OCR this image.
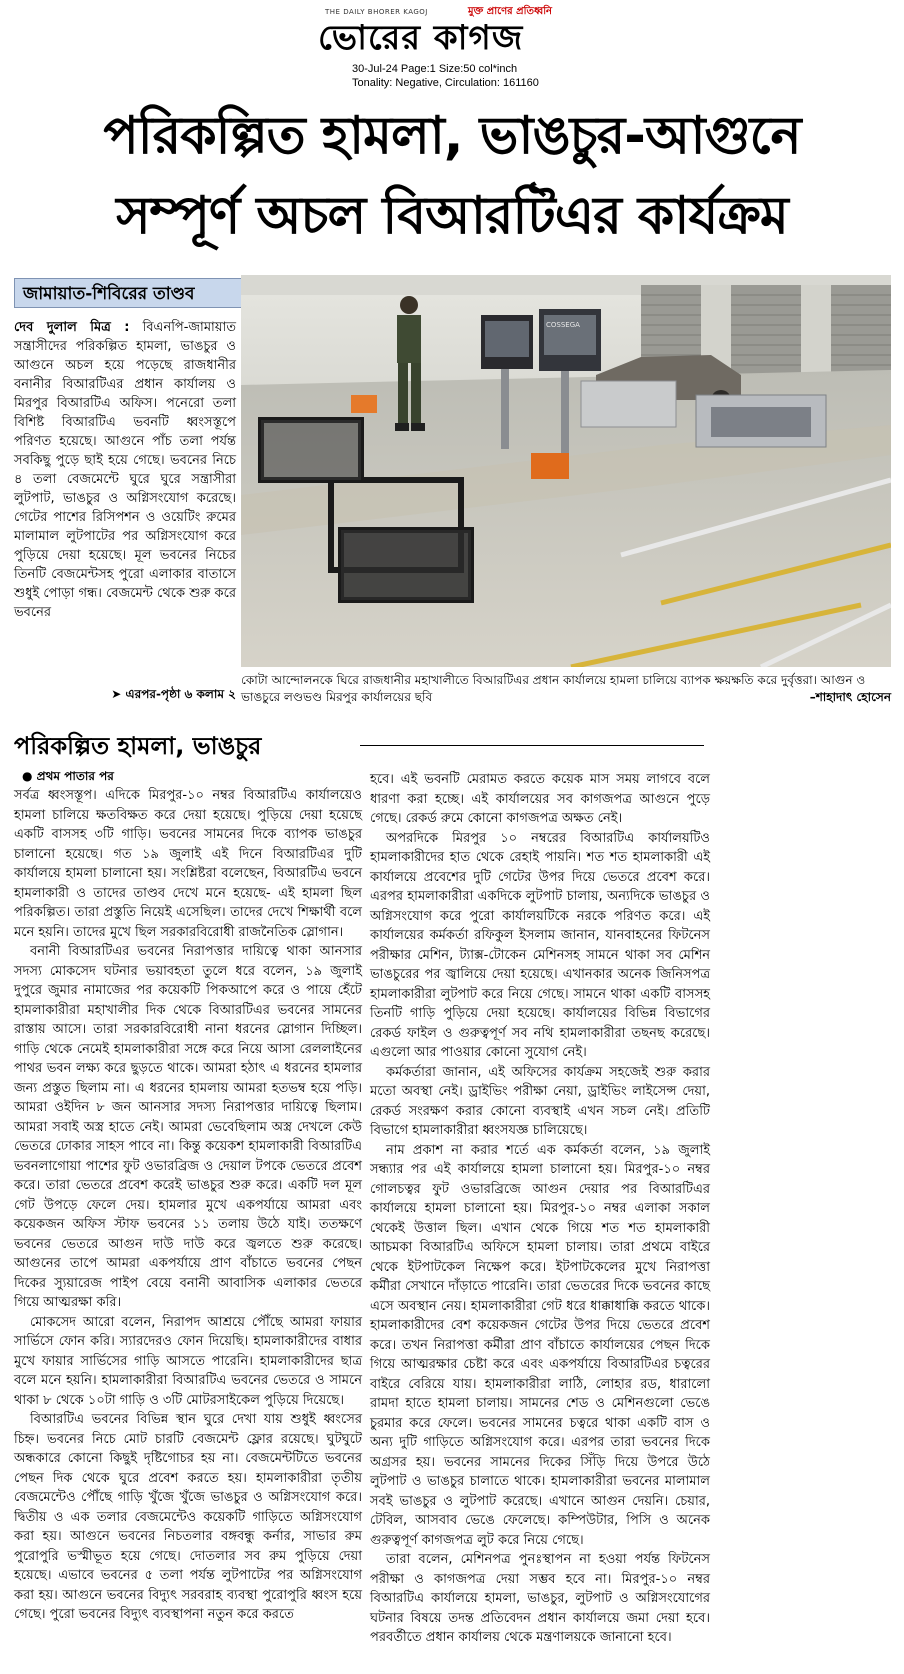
THE DAILY BHORER KAGOJ	মুক্ত প্রাণের প্রতিধ্বনি
ভোরের কাগজ
30-Jul-24 Page:1 Size:50 col*inch
Tonality: Negative, Circulation: 161160
পরিকল্পিত হামলা, ভাঙচুর-আগুনে
সম্পূর্ণ অচল বিআরটিএর কার্যক্রম
জামায়াত-শিবিরের তাণ্ডব
দেব দুলাল মিত্র : বিএনপি-জামায়াত সন্ত্রাসীদের পরিকল্পিত হামলা, ভাঙচুর ও আগুনে অচল হয়ে পড়েছে রাজধানীর বনানীর বিআরটিএর প্রধান কার্যালয় ও মিরপুর বিআরটিএ অফিস। পনেরো তলা বিশিষ্ট বিআরটিএ ভবনটি ধ্বংসস্তূপে পরিণত হয়েছে। আগুনে পাঁচ তলা পর্যন্ত সবকিছু পুড়ে ছাই হয়ে গেছে। ভবনের নিচে ৪ তলা বেজমেন্টে ঘুরে ঘুরে সন্ত্রাসীরা লুটপাট, ভাঙচুর ও অগ্নিসংযোগ করেছে। গেটের পাশের রিসিপশন ও ওয়েটিং রুমের মালামাল লুটপাটের পর অগ্নিসংযোগ করে পুড়িয়ে দেয়া হয়েছে। মূল ভবনের নিচের তিনটি বেজমেন্টসহ পুরো এলাকার বাতাসে শুধুই পোড়া গন্ধ। বেজমেন্ট থেকে শুরু করে ভবনের
➤ এরপর-পৃষ্ঠা ৬ কলাম ২
COSSEGA
কোটা আন্দোলনকে ঘিরে রাজধানীর মহাখালীতে বিআরটিএর প্রধান কার্যালয়ে হামলা চালিয়ে ব্যাপক ক্ষয়ক্ষতি করে দুর্বৃত্তরা। আগুন ও ভাঙচুরে লণ্ডভণ্ড মিরপুর কার্যালয়ের ছবি	–শাহাদাৎ হোসেন
পরিকল্পিত হামলা, ভাঙচুর
● প্রথম পাতার পর

সর্বত্র ধ্বংসস্তূপ। এদিকে মিরপুর-১০ নম্বর বিআরটিএ কার্যালয়েও হামলা চালিয়ে ক্ষতবিক্ষত করে দেয়া হয়েছে। পুড়িয়ে দেয়া হয়েছে একটি বাসসহ ৩টি গাড়ি। ভবনের সামনের দিকে ব্যাপক ভাঙচুর চালানো হয়েছে। গত ১৯ জুলাই এই দিনে বিআরটিএর দুটি কার্যালয়ে হামলা চালানো হয়। সংশ্লিষ্টরা বলেছেন, বিআরটিএ ভবনে হামলাকারী ও তাদের তাণ্ডব দেখে মনে হয়েছে- এই হামলা ছিল পরিকল্পিত। তারা প্রস্তুতি নিয়েই এসেছিল। তাদের দেখে শিক্ষার্থী বলে মনে হয়নি। তাদের মুখে ছিল সরকারবিরোধী রাজনৈতিক স্লোগান।

বনানী বিআরটিএর ভবনের নিরাপত্তার দায়িত্বে থাকা আনসার সদস্য মোকসেদ ঘটনার ভয়াবহতা তুলে ধরে বলেন, ১৯ জুলাই দুপুরে জুমার নামাজের পর কয়েকটি পিকআপে করে ও পায়ে হেঁটে হামলাকারীরা মহাখালীর দিক থেকে বিআরটিএর ভবনের সামনের রাস্তায় আসে। তারা সরকারবিরোধী নানা ধরনের স্লোগান দিচ্ছিল। গাড়ি থেকে নেমেই হামলাকারীরা সঙ্গে করে নিয়ে আসা রেললাইনের পাথর ভবন লক্ষ্য করে ছুড়তে থাকে। আমরা হঠাৎ এ ধরনের হামলার জন্য প্রস্তুত ছিলাম না। এ ধরনের হামলায় আমরা হতভম্ব হয়ে পড়ি। আমরা ওইদিন ৮ জন আনসার সদস্য নিরাপত্তার দায়িত্বে ছিলাম। আমরা সবাই অস্ত্র হাতে নেই। আমরা ভেবেছিলাম অস্ত্র দেখলে কেউ ভেতরে ঢোকার সাহস পাবে না। কিন্তু কয়েকশ হামলাকারী বিআরটিএ ভবনলাগোয়া পাশের ফুট ওভারব্রিজ ও দেয়াল টপকে ভেতরে প্রবেশ করে। তারা ভেতরে প্রবেশ করেই ভাঙচুর শুরু করে। একটি দল মূল গেট উপড়ে ফেলে দেয়। হামলার মুখে একপর্যায়ে আমরা এবং কয়েকজন অফিস স্টাফ ভবনের ১১ তলায় উঠে যাই। ততক্ষণে ভবনের ভেতরে আগুন দাউ দাউ করে জ্বলতে শুরু করেছে। আগুনের তাপে আমরা একপর্যায়ে প্রাণ বাঁচাতে ভবনের পেছন দিকের স্যুয়ারেজ পাইপ বেয়ে বনানী আবাসিক এলাকার ভেতরে গিয়ে আত্মরক্ষা করি।

মোকসেদ আরো বলেন, নিরাপদ আশ্রয়ে পৌঁছে আমরা ফায়ার সার্ভিসে ফোন করি। স্যারদেরও ফোন দিয়েছি। হামলাকারীদের বাধার মুখে ফায়ার সার্ভিসের গাড়ি আসতে পারেনি। হামলাকারীদের ছাত্র বলে মনে হয়নি। হামলাকারীরা বিআরটিএ ভবনের ভেতরে ও সামনে থাকা ৮ থেকে ১০টা গাড়ি ও ৩টি মোটরসাইকেল পুড়িয়ে দিয়েছে।

বিআরটিএ ভবনের বিভিন্ন স্থান ঘুরে দেখা যায় শুধুই ধ্বংসের চিহ্ন। ভবনের নিচে মোট চারটি বেজমেন্ট ফ্লোর রয়েছে। ঘুটঘুটে অন্ধকারে কোনো কিছুই দৃষ্টিগোচর হয় না। বেজমেন্টটিতে ভবনের পেছন দিক থেকে ঘুরে প্রবেশ করতে হয়। হামলাকারীরা তৃতীয় বেজমেন্টেও পৌঁছে গাড়ি খুঁজে খুঁজে ভাঙচুর ও অগ্নিসংযোগ করে। দ্বিতীয় ও এক তলার বেজমেন্টেও কয়েকটি গাড়িতে অগ্নিসংযোগ করা হয়। আগুনে ভবনের নিচতলার বঙ্গবন্ধু কর্নার, সাভার রুম পুরোপুরি ভস্মীভূত হয়ে গেছে। দোতলার সব রুম পুড়িয়ে দেয়া হয়েছে। এভাবে ভবনের ৫ তলা পর্যন্ত লুটপাটের পর অগ্নিসংযোগ করা হয়। আগুনে ভবনের বিদ্যুৎ সরবরাহ ব্যবস্থা পুরোপুরি ধ্বংস হয়ে গেছে। পুরো ভবনের বিদ্যুৎ ব্যবস্থাপনা নতুন করে করতে

হবে। এই ভবনটি মেরামত করতে কয়েক মাস সময় লাগবে বলে ধারণা করা হচ্ছে। এই কার্যালয়ের সব কাগজপত্র আগুনে পুড়ে গেছে। রেকর্ড রুমে কোনো কাগজপত্র অক্ষত নেই।

অপরদিকে মিরপুর ১০ নম্বরের বিআরটিএ কার্যালয়টিও হামলাকারীদের হাত থেকে রেহাই পায়নি। শত শত হামলাকারী এই কার্যালয়ে প্রবেশের দুটি গেটের উপর দিয়ে ভেতরে প্রবেশ করে। এরপর হামলাকারীরা একদিকে লুটপাট চালায়, অন্যদিকে ভাঙচুর ও অগ্নিসংযোগ করে পুরো কার্যালয়টিকে নরকে পরিণত করে। এই কার্যালয়ের কর্মকর্তা রফিকুল ইসলাম জানান, যানবাহনের ফিটনেস পরীক্ষার মেশিন, ট্যাক্স-টোকেন মেশিনসহ সামনে থাকা সব মেশিন ভাঙচুরের পর জ্বালিয়ে দেয়া হয়েছে। এখানকার অনেক জিনিসপত্র হামলাকারীরা লুটপাট করে নিয়ে গেছে। সামনে থাকা একটি বাসসহ তিনটি গাড়ি পুড়িয়ে দেয়া হয়েছে। কার্যালয়ের বিভিন্ন বিভাগের রেকর্ড ফাইল ও গুরুত্বপূর্ণ সব নথি হামলাকারীরা তছনছ করেছে। এগুলো আর পাওয়ার কোনো সুযোগ নেই।

কর্মকর্তারা জানান, এই অফিসের কার্যক্রম সহজেই শুরু করার মতো অবস্থা নেই। ড্রাইভিং পরীক্ষা নেয়া, ড্রাইভিং লাইসেন্স দেয়া, রেকর্ড সংরক্ষণ করার কোনো ব্যবস্থাই এখন সচল নেই। প্রতিটি বিভাগে হামলাকারীরা ধ্বংসযজ্ঞ চালিয়েছে।

নাম প্রকাশ না করার শর্তে এক কর্মকর্তা বলেন, ১৯ জুলাই সন্ধ্যার পর এই কার্যালয়ে হামলা চালানো হয়। মিরপুর-১০ নম্বর গোলচত্বর ফুট ওভারব্রিজে আগুন দেয়ার পর বিআরটিএর কার্যালয়ে হামলা চালানো হয়। মিরপুর-১০ নম্বর এলাকা সকাল থেকেই উত্তাল ছিল। এখান থেকে গিয়ে শত শত হামলাকারী আচমকা বিআরটিএ অফিসে হামলা চালায়। তারা প্রথমে বাইরে থেকে ইটপাটকেল নিক্ষেপ করে। ইটপাটকেলের মুখে নিরাপত্তা কর্মীরা সেখানে দাঁড়াতে পারেনি। তারা ভেতরের দিকে ভবনের কাছে এসে অবস্থান নেয়। হামলাকারীরা গেট ধরে ধাক্কাধাক্কি করতে থাকে। হামলাকারীদের বেশ কয়েকজন গেটের উপর দিয়ে ভেতরে প্রবেশ করে। তখন নিরাপত্তা কর্মীরা প্রাণ বাঁচাতে কার্যালয়ের পেছন দিকে গিয়ে আত্মরক্ষার চেষ্টা করে এবং একপর্যায়ে বিআরটিএর চত্বরের বাইরে বেরিয়ে যায়। হামলাকারীরা লাঠি, লোহার রড, ধারালো রামদা হাতে হামলা চালায়। সামনের শেড ও মেশিনগুলো ভেঙে চুরমার করে ফেলে। ভবনের সামনের চত্বরে থাকা একটি বাস ও অন্য দুটি গাড়িতে অগ্নিসংযোগ করে। এরপর তারা ভবনের দিকে অগ্রসর হয়। ভবনের সামনের দিকের সিঁড়ি দিয়ে উপরে উঠে লুটপাট ও ভাঙচুর চালাতে থাকে। হামলাকারীরা ভবনের মালামাল সবই ভাঙচুর ও লুটপাট করেছে। এখানে আগুন দেয়নি। চেয়ার, টেবিল, আসবাব ভেঙে ফেলেছে। কম্পিউটার, পিসি ও অনেক গুরুত্বপূর্ণ কাগজপত্র লুট করে নিয়ে গেছে।

তারা বলেন, মেশিনপত্র পুনঃস্থাপন না হওয়া পর্যন্ত ফিটনেস পরীক্ষা ও কাগজপত্র দেয়া সম্ভব হবে না। মিরপুর-১০ নম্বর বিআরটিএ কার্যালয়ে হামলা, ভাঙচুর, লুটপাট ও অগ্নিসংযোগের ঘটনার বিষয়ে তদন্ত প্রতিবেদন প্রধান কার্যালয়ে জমা দেয়া হবে। পরবর্তীতে প্রধান কার্যালয় থেকে মন্ত্রণালয়কে জানানো হবে।
